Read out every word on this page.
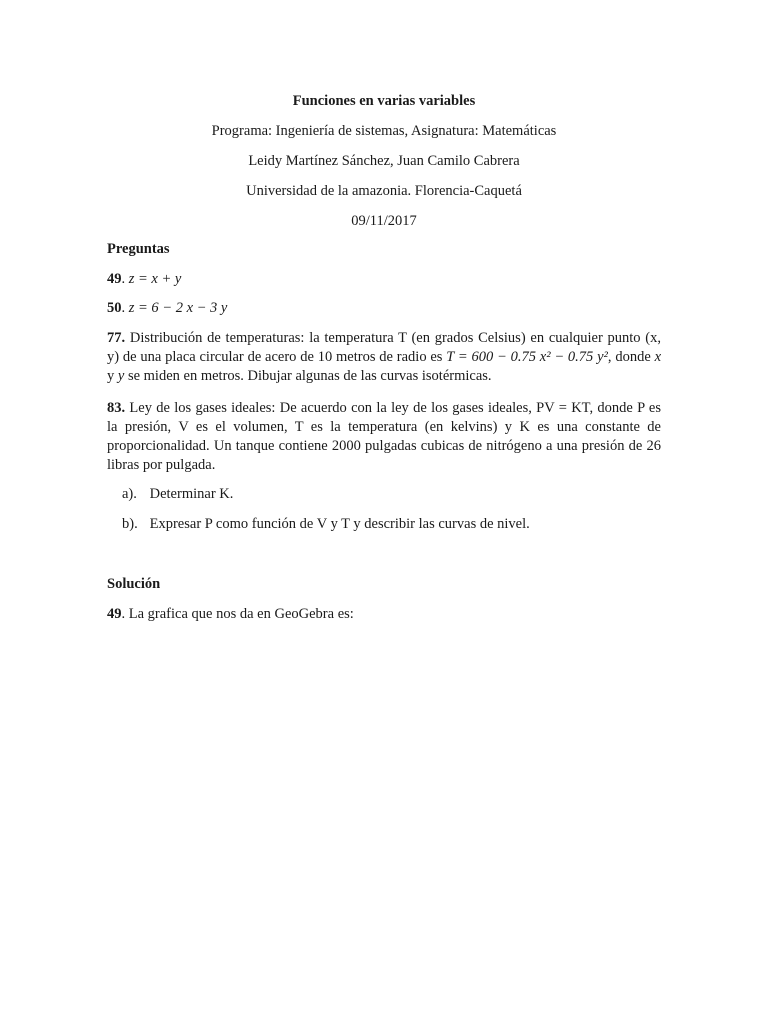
Funciones en varias variables
Programa: Ingeniería de sistemas, Asignatura: Matemáticas
Leidy Martínez Sánchez, Juan Camilo Cabrera
Universidad de la amazonia. Florencia-Caquetá
09/11/2017
Preguntas
49. z = x + y
50. z = 6 − 2 x − 3 y
77. Distribución de temperaturas: la temperatura T (en grados Celsius) en cualquier punto (x, y) de una placa circular de acero de 10 metros de radio es T = 600 − 0.75 x² − 0.75 y², donde x y y se miden en metros. Dibujar algunas de las curvas isotérmicas.
83. Ley de los gases ideales: De acuerdo con la ley de los gases ideales, PV = KT, donde P es la presión, V es el volumen, T es la temperatura (en kelvins) y K es una constante de proporcionalidad. Un tanque contiene 2000 pulgadas cubicas de nitrógeno a una presión de 26 libras por pulgada.
a). Determinar K.
b). Expresar P como función de V y T y describir las curvas de nivel.
Solución
49. La grafica que nos da en GeoGebra es:
